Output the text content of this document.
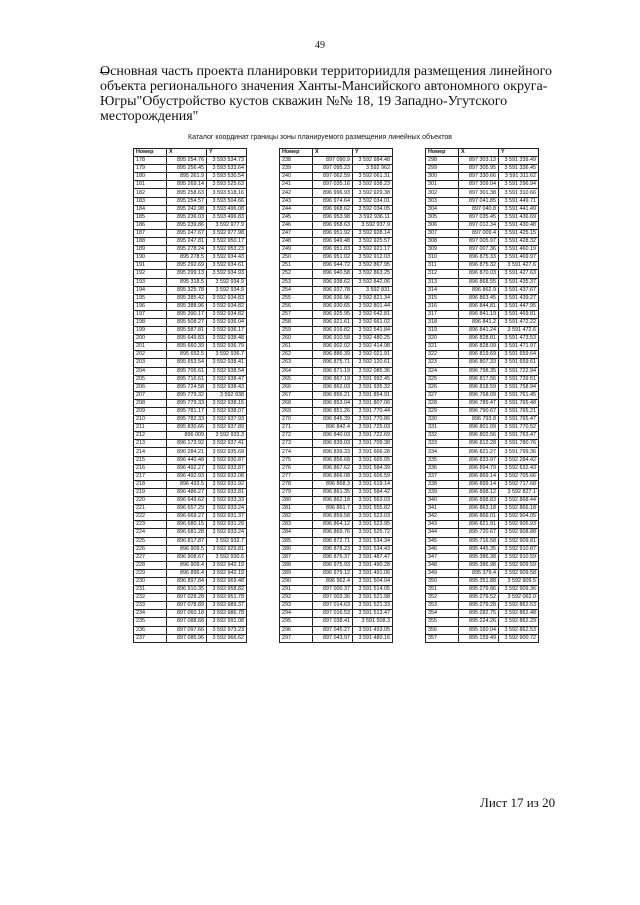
49
Основная часть проекта планировки территориидля размещения линейного объекта регионального значения Ханты-Мансийского автономного округа-Югры"Обустройство кустов скважин №№ 18, 19 Западно-Угутского месторождения"
Каталог координат границы зоны планируемого размещения линейных объектов
Номер	X	Y
178	895 254.76	3 593 534.73
179	895 256.45	3 593 533.64
180	895 261.9	3 593 530.54
181	895 269.14	3 593 525.63
182	895 258.63	3 593 518.16
183	895 254.57	3 593 504.66
184	895 242.98	3 593 496.08
185	895 236.03	3 593 496.83
186	895 239.86	3 592 977.9
187	895 247.67	3 592 977.98
188	895 247.81	3 592 950.17
189	895 278.24	3 592 953.23
190	895 278.5	3 592 934.43
191	895 292.69	3 592 934.61
192	895 299.13	3 592 934.93
193	895 318.5	3 592 934.9
194	895 325.78	3 592 934.9
195	895 385.42	3 592 934.83
196	895 388.96	3 592 934.82
197	895 390.17	3 592 934.82
198	895 508.27	3 592 936.04
199	895 587.81	3 592 936.17
200	895 649.83	3 592 938.48
201	895 660.39	3 592 936.79
202	895 652.5	3 592 936.7
203	895 653.54	3 592 938.41
204	895 706.61	3 592 938.54
205	895 716.61	3 592 938.47
206	895 724.58	3 592 938.43
207	895 779.32	3 592 938
208	895 779.33	3 592 938.15
209	895 781.17	3 592 938.07
210	895 782.33	3 592 937.93
211	895 830.66	3 592 937.89
212	896 009	3 592 933.3
213	896 173.92	3 592 937.41
214	896 284.21	3 592 935.69
215	896 440.48	3 592 930.87
216	896 492.27	3 592 933.87
217	896 492.93	3 592 932.08
218	896 493.5	3 592 931.92
219	896 486.27	3 592 933.81
220	896 649.62	3 592 933.33
221	896 657.29	3 592 933.24
222	896 669.27	3 592 931.37
223	896 680.15	3 592 931.29
224	896 681.28	3 592 933.24
225	896 817.87	3 592 932.7
226	896 909.5	3 592 929.81
227	896 908.67	3 592 930.6
228	896 909.4	3 592 942.19
229	896 896.4	3 592 942.19
230	896 897.84	3 592 969.48
231	896 910.35	3 592 958.82
232	897 028.28	3 592 951.78
233	897 078.89	3 592 989.37
234	897 060.18	3 592 986.78
235	897 088.68	3 592 991.08
236	897 097.66	3 592 973.23
237	897 085.96	3 592 966.62
Номер	X	Y
238	897 090.9	3 592 984.48
239	897 095.23	3 592 962
240	897 062.59	3 592 061.31
241	897 035.16	3 592 938.23
242	896 996.93	3 592 929.38
243	896 974.64	3 592 034.01
244	896 968.62	3 592 034.05
245	896 953.98	3 592 936.11
246	896 958.63	3 592 937.9
247	896 951.92	3 592 928.14
248	896 949.48	3 592 925.57
249	896 951.83	3 592 921.17
250	896 951.02	3 592 912.03
251	896 944.72	3 592 867.95
252	896 940.58	3 592 863.25
253	896 938.62	3 592 842.06
254	896 937.78	3 592 831
255	896 936.96	3 592 821.34
256	896 930.65	3 592 801.44
257	896 925.95	3 592 642.81
258	896 921.61	3 592 661.02
259	896 916.82	3 592 541.84
260	896 910.58	3 592 480.25
261	896 902.02	3 592 414.98
262	896 886.39	3 592 021.91
263	896 875.71	3 592 120.61
264	896 871.19	3 592 085.36
265	896 867.19	3 591 992.45
266	896 862.03	3 591 935.32
267	896 856.21	3 591 854.91
268	896 853.04	3 591 807.06
269	896 851.26	3 591 770.44
270	896 845.39	3 591 770.86
271	896 842.4	3 591 725.03
272	896 840.03	3 591 722.69
273	896 839.03	3 591 709.38
274	896 839.33	3 591 666.28
275	896 856.68	3 591 665.05
276	896 867.62	3 591 584.39
277	896 866.08	3 591 606.59
278	896 868.3	3 591 619.14
279	896 861.35	3 591 584.42
280	896 862.18	3 591 563.03
281	896 861.7	3 591 555.82
282	896 859.58	3 591 523.03
283	896 864.12	3 591 523.95
284	896 869.76	3 591 525.72
285	896 872.71	3 591 534.34
286	896 878.23	3 591 534.43
287	896 876.37	3 591 487.47
288	896 975.93	3 591 490.28
289	896 979.12	3 591 491.06
290	896 962.4	3 591 504.04
291	897 000.37	3 591 514.05
292	897 003.36	3 591 521.98
293	897 014.63	3 591 521.33
294	897 016.53	3 591 513.47
295	897 038.41	3 591 508.3
296	897 045.27	3 591 493.05
297	897 043.97	3 591 480.16
Номер	X	Y
298	897 303.13	3 591 339.49
299	897 305.95	3 591 336.45
300	897 330.66	3 591 311.62
301	897 309.04	3 591 296.94
302	897 301.38	3 591 310.66
303	897 041.85	3 591 449.71
304	897 040.8	3 591 441.49
305	897 035.45	3 591 436.69
306	897 012.34	3 591 430.48
307	897 009.4	3 591 425.15
308	897 005.97	3 591 428.32
309	897 007.36	3 591 460.19
310	896 875.33	3 591 469.97
311	896 875.32	3 591 427.6
312	896 870.03	3 591 427.63
313	896 868.55	3 591 435.37
314	896 862.9	3 591 437.67
315	896 863.45	3 591 439.27
316	896 844.81	3 591 447.95
317	896 841.19	3 591 469.81
318	896 841.2	3 591 472.22
319	896 841.24	3 591 472.6
320	896 828.81	3 591 473.53
321	896 828.09	3 591 471.97
322	896 819.69	3 591 659.64
323	896 807.33	3 591 659.61
324	896 798.35	3 591 722.94
325	896 817.56	3 591 739.51
326	896 818.59	3 591 758.94
327	896 768.09	3 591 761.45
328	896 789.47	3 591 765.48
329	896 790.67	3 591 765.21
330	896 793.8	3 591 765.47
331	896 801.09	3 591 770.52
332	896 802.56	3 591 763.47
333	896 812.28	3 591 780.76
334	896 821.27	3 591 799.36
335	896 833.97	3 592 284.42
336	896 894.79	3 592 632.43
337	896 869.14	3 592 705.66
338	896 899.14	3 592 717.68
339	896 898.12	3 592 827.1
340	896 898.83	3 592 868.44
341	896 863.18	3 592 866.18
342	896 866.01	3 592 904.05
343	896 821.91	3 592 905.93
344	895 720.67	3 592 908.88
345	895 716.58	3 592 909.81
346	895 445.35	3 592 910.87
347	895 386.38	3 592 910.59
348	895 386.98	3 592 909.59
349	895 379.4	3 592 909.58
350	895 351.88	3 592 909.5
351	895 279.86	3 592 909.36
352	895 279.52	3 592 062.0
353	895 279.28	3 592 862.53
354	895 282.75	3 592 862.48
355	895 224.26	3 592 862.29
356	895 160.04	3 592 862.53
357	895 159.49	3 592 900.72
Лист 17 из 20
